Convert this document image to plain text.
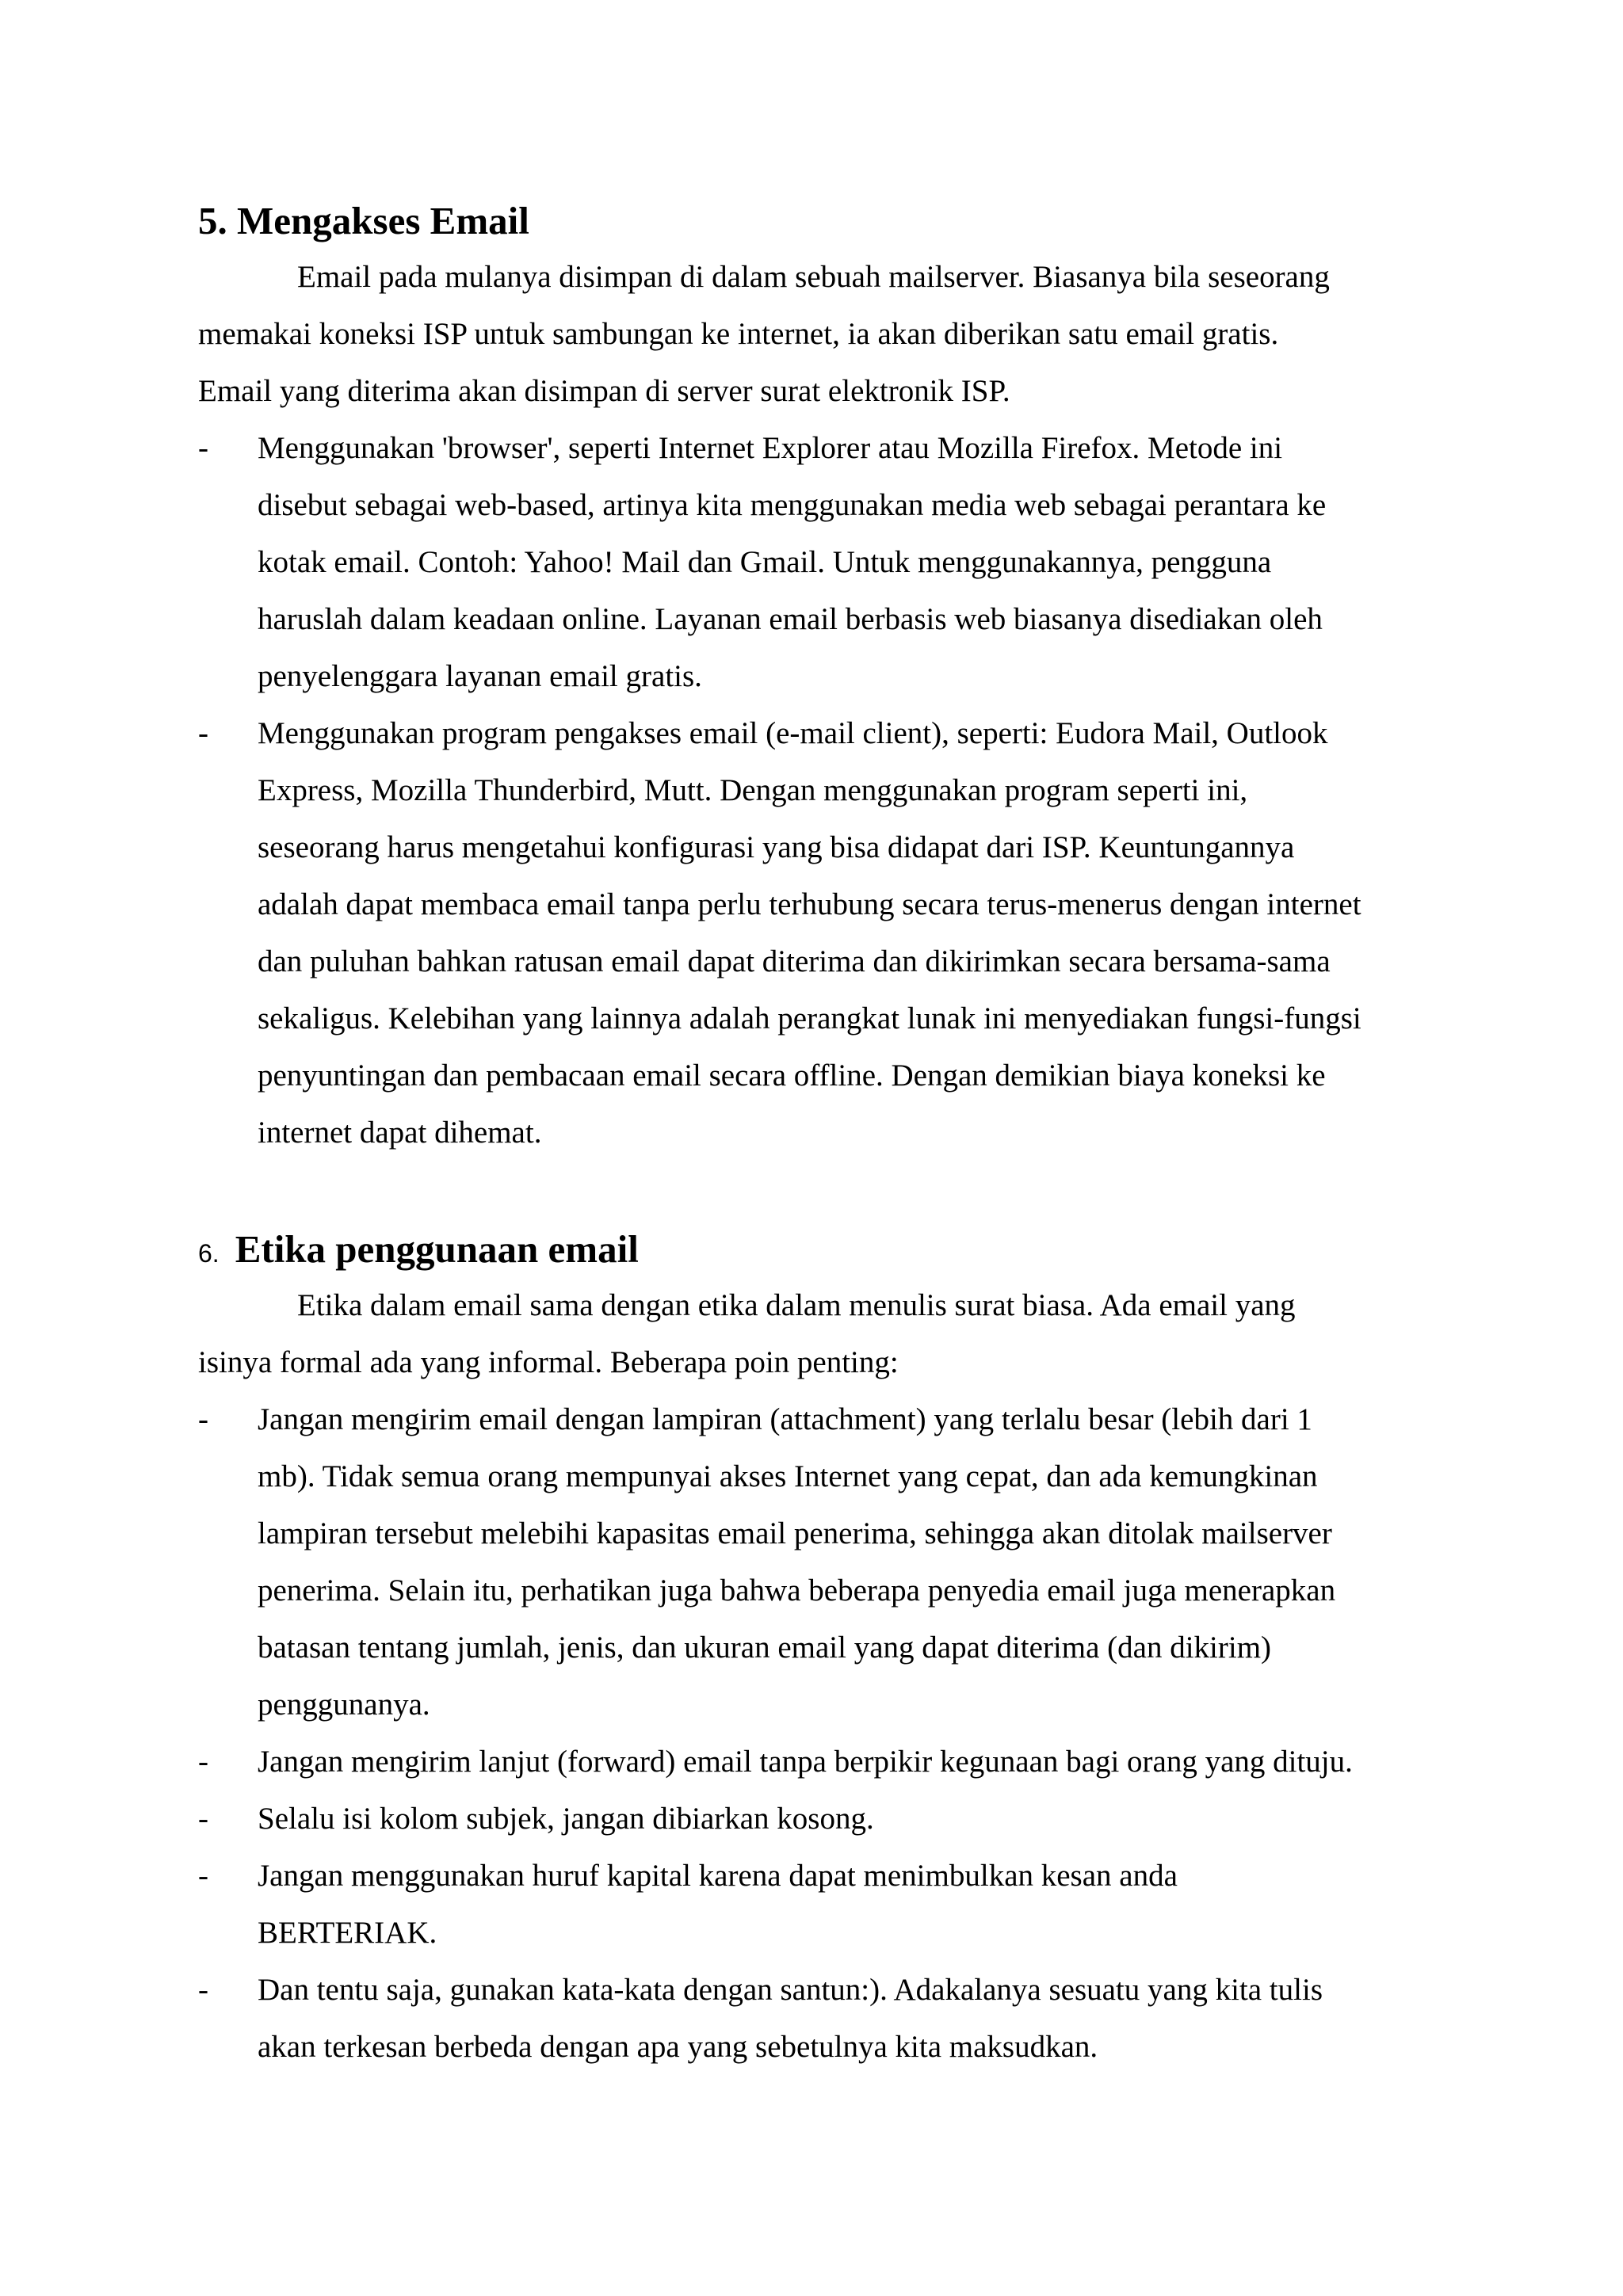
5.
Mengakses Email

Email pada mulanya disimpan di dalam sebuah mailserver. Biasanya bila seseorang
memakai koneksi ISP untuk sambungan ke internet, ia akan diberikan satu email gratis.
Email yang diterima akan disimpan di server surat elektronik ISP.

- Menggunakan 'browser', seperti Internet Explorer atau Mozilla Firefox. Metode ini
disebut sebagai web-based, artinya kita menggunakan media web sebagai perantara ke
kotak email. Contoh: Yahoo! Mail dan Gmail. Untuk menggunakannya, pengguna
haruslah dalam keadaan online. Layanan email berbasis web biasanya disediakan oleh
penyelenggara layanan email gratis.
- Menggunakan program pengakses email (e-mail client), seperti: Eudora Mail, Outlook
Express, Mozilla Thunderbird, Mutt. Dengan menggunakan program seperti ini,
seseorang harus mengetahui konfigurasi yang bisa didapat dari ISP. Keuntungannya
adalah dapat membaca email tanpa perlu terhubung secara terus-menerus dengan internet
dan puluhan bahkan ratusan email dapat diterima dan dikirimkan secara bersama-sama
sekaligus. Kelebihan yang lainnya adalah perangkat lunak ini menyediakan fungsi-fungsi
penyuntingan dan pembacaan email secara offline. Dengan demikian biaya koneksi ke
internet dapat dihemat.
6. Etika penggunaan email

Etika dalam email sama dengan etika dalam menulis surat biasa. Ada email yang
isinya formal ada yang informal. Beberapa poin penting:

- Jangan mengirim email dengan lampiran (attachment) yang terlalu besar (lebih dari 1
mb). Tidak semua orang mempunyai akses Internet yang cepat, dan ada kemungkinan
lampiran tersebut melebihi kapasitas email penerima, sehingga akan ditolak mailserver
penerima. Selain itu, perhatikan juga bahwa beberapa penyedia email juga menerapkan
batasan tentang jumlah, jenis, dan ukuran email yang dapat diterima (dan dikirim)
penggunanya.
- Jangan mengirim lanjut (forward) email tanpa berpikir kegunaan bagi orang yang dituju.
- Selalu isi kolom subjek, jangan dibiarkan kosong.
- Jangan menggunakan huruf kapital karena dapat menimbulkan kesan anda
BERTERIAK.
- Dan tentu saja, gunakan kata-kata dengan santun:). Adakalanya sesuatu yang kita tulis
akan terkesan berbeda dengan apa yang sebetulnya kita maksudkan.
